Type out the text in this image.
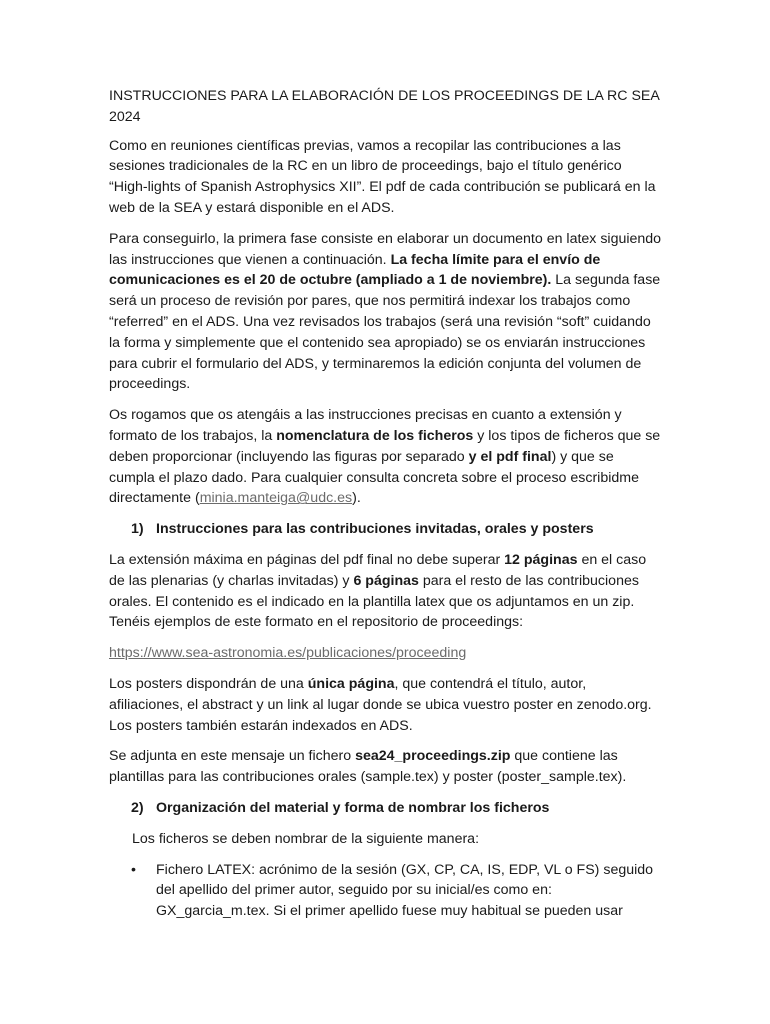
INSTRUCCIONES PARA LA ELABORACIÓN DE LOS PROCEEDINGS DE LA RC SEA 2024

Como en reuniones científicas previas, vamos a recopilar las contribuciones a las sesiones tradicionales de la RC en un libro de proceedings, bajo el título genérico “High-lights of Spanish Astrophysics XII”. El pdf de cada contribución se publicará en la web de la SEA y estará disponible en el ADS.

Para conseguirlo, la primera fase consiste en elaborar un documento en latex siguiendo las instrucciones que vienen a continuación. La fecha límite para el envío de comunicaciones es el 20 de octubre (ampliado a 1 de noviembre). La segunda fase será un proceso de revisión por pares, que nos permitirá indexar los trabajos como “referred” en el ADS. Una vez revisados los trabajos (será una revisión “soft” cuidando la forma y simplemente que el contenido sea apropiado) se os enviarán instrucciones para cubrir el formulario del ADS, y terminaremos la edición conjunta del volumen de proceedings.

Os rogamos que os atengáis a las instrucciones precisas en cuanto a extensión y formato de los trabajos, la nomenclatura de los ficheros y los tipos de ficheros que se deben proporcionar (incluyendo las figuras por separado y el pdf final) y que se cumpla el plazo dado. Para cualquier consulta concreta sobre el proceso escribidme directamente (minia.manteiga@udc.es).

1) Instrucciones para las contribuciones invitadas, orales y posters

La extensión máxima en páginas del pdf final no debe superar 12 páginas en el caso de las plenarias (y charlas invitadas) y 6 páginas para el resto de las contribuciones orales. El contenido es el indicado en la plantilla latex que os adjuntamos en un zip. Tenéis ejemplos de este formato en el repositorio de proceedings:

https://www.sea-astronomia.es/publicaciones/proceeding

Los posters dispondrán de una única página, que contendrá el título, autor, afiliaciones, el abstract y un link al lugar donde se ubica vuestro poster en zenodo.org. Los posters también estarán indexados en ADS.

Se adjunta en este mensaje un fichero sea24_proceedings.zip que contiene las plantillas para las contribuciones orales (sample.tex) y poster (poster_sample.tex).

2) Organización del material y forma de nombrar los ficheros

Los ficheros se deben nombrar de la siguiente manera:

• Fichero LATEX: acrónimo de la sesión (GX, CP, CA, IS, EDP, VL o FS) seguido del apellido del primer autor, seguido por su inicial/es como en: GX_garcia_m.tex. Si el primer apellido fuese muy habitual se pueden usar
